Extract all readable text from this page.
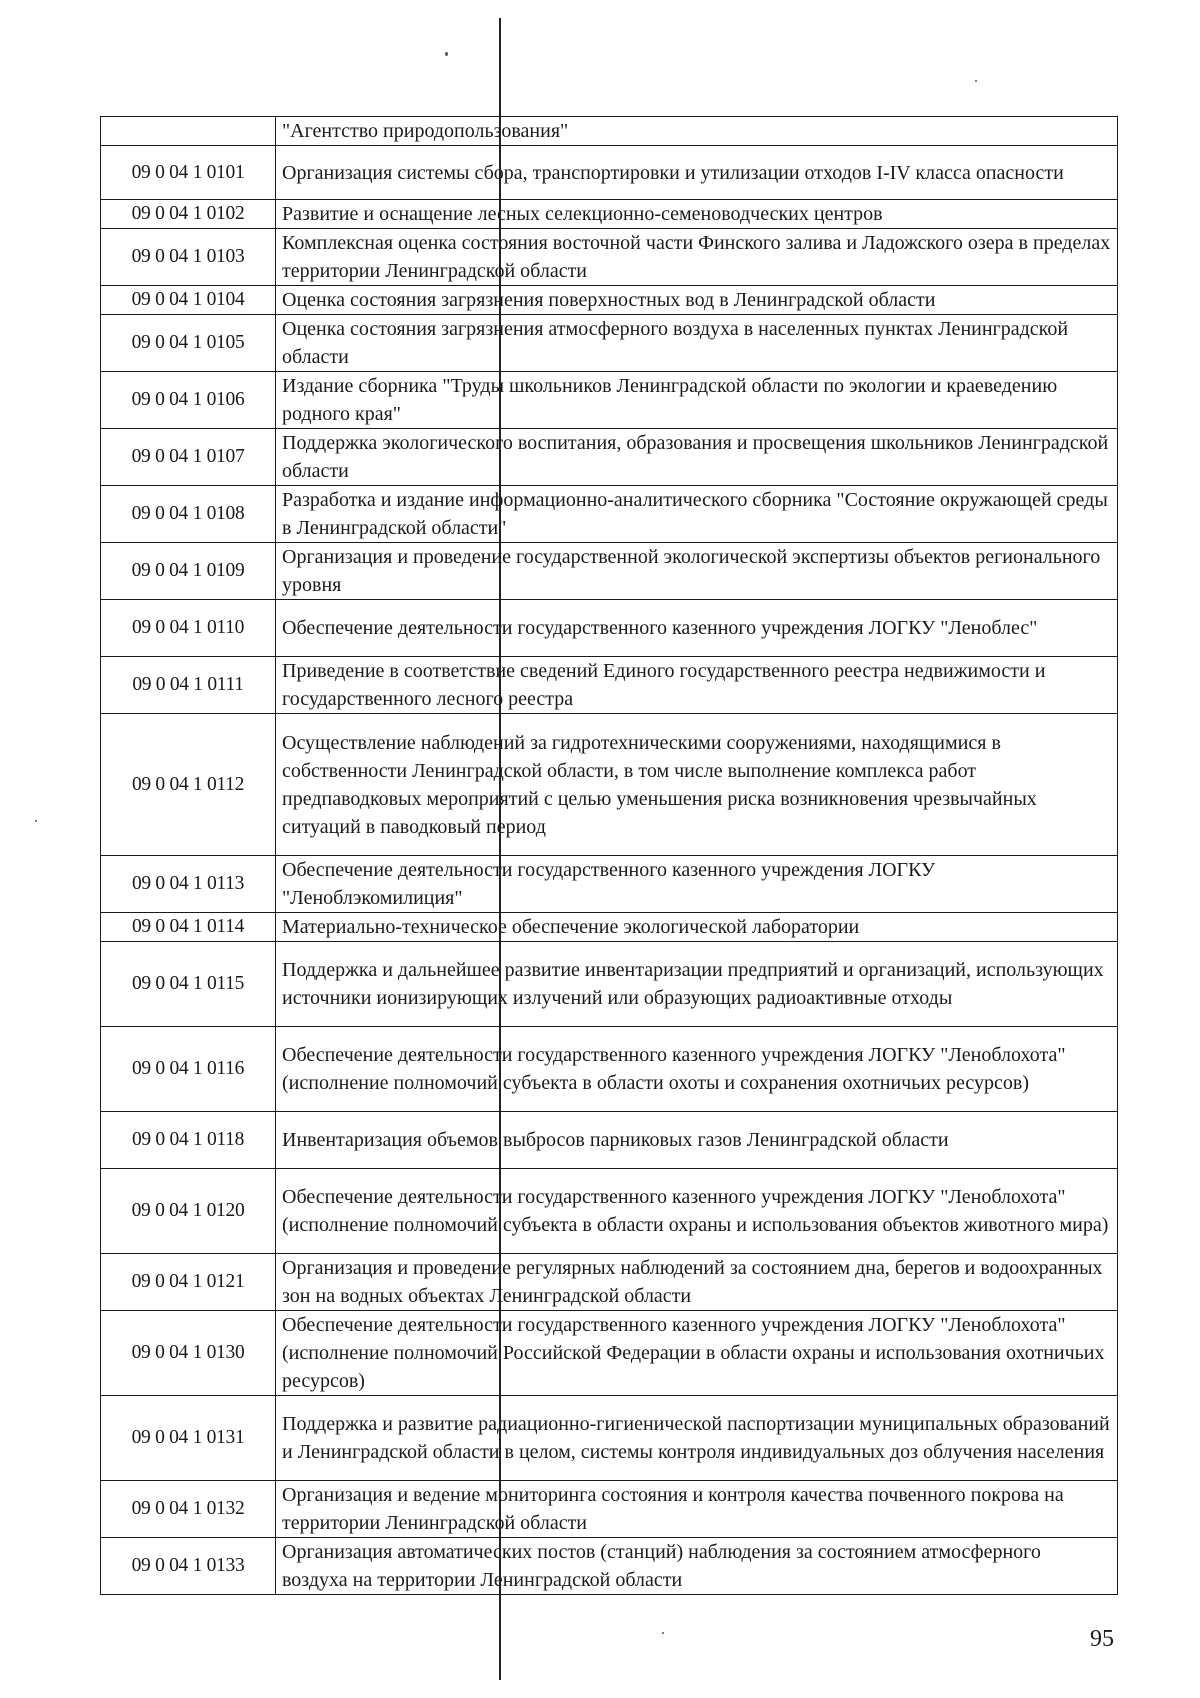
	"Агентство природопользования"
09 0 04 1 0101	Организация системы сбора, транспортировки и утилизации отходов I-IV класса опасности
09 0 04 1 0102	Развитие и оснащение лесных селекционно-семеноводческих центров
09 0 04 1 0103	Комплексная оценка состояния восточной части Финского залива и Ладожского озера в пределах территории Ленинградской области
09 0 04 1 0104	Оценка состояния загрязнения поверхностных вод в Ленинградской области
09 0 04 1 0105	Оценка состояния загрязнения атмосферного воздуха в населенных пунктах Ленинградской области
09 0 04 1 0106	Издание сборника "Труды школьников Ленинградской области по экологии и краеведению родного края"
09 0 04 1 0107	Поддержка экологического воспитания, образования и просвещения школьников Ленинградской области
09 0 04 1 0108	Разработка и издание информационно-аналитического сборника "Состояние окружающей среды в Ленинградской области"
09 0 04 1 0109	Организация и проведение государственной экологической экспертизы объектов регионального уровня
09 0 04 1 0110	Обеспечение деятельности государственного казенного учреждения ЛОГКУ "Леноблес"
09 0 04 1 0111	Приведение в соответствие сведений Единого государственного реестра недвижимости и государственного лесного реестра
09 0 04 1 0112	Осуществление наблюдений за гидротехническими сооружениями, находящимися в собственности Ленинградской области, в том числе выполнение комплекса работ предпаводковых мероприятий с целью уменьшения риска возникновения чрезвычайных ситуаций в паводковый период
09 0 04 1 0113	Обеспечение деятельности государственного казенного учреждения ЛОГКУ "Леноблэкомилиция"
09 0 04 1 0114	Материально-техническое обеспечение экологической лаборатории
09 0 04 1 0115	Поддержка и дальнейшее развитие инвентаризации предприятий и организаций, использующих источники ионизирующих излучений или образующих радиоактивные отходы
09 0 04 1 0116	Обеспечение деятельности государственного казенного учреждения ЛОГКУ "Леноблохота" (исполнение полномочий субъекта в области охоты и сохранения охотничьих ресурсов)
09 0 04 1 0118	Инвентаризация объемов выбросов парниковых газов Ленинградской области
09 0 04 1 0120	Обеспечение деятельности государственного казенного учреждения ЛОГКУ "Леноблохота" (исполнение полномочий субъекта в области охраны и использования объектов животного мира)
09 0 04 1 0121	Организация и проведение регулярных наблюдений за состоянием дна, берегов и водоохранных зон на водных объектах Ленинградской области
09 0 04 1 0130	Обеспечение деятельности государственного казенного учреждения ЛОГКУ "Леноблохота" (исполнение полномочий Российской Федерации в области охраны и использования охотничьих ресурсов)
09 0 04 1 0131	Поддержка и развитие радиационно-гигиенической паспортизации муниципальных образований и Ленинградской области в целом, системы контроля индивидуальных доз облучения населения
09 0 04 1 0132	Организация и ведение мониторинга состояния и контроля качества почвенного покрова на территории Ленинградской области
09 0 04 1 0133	Организация автоматических постов (станций) наблюдения за состоянием атмосферного воздуха на территории Ленинградской области
95
